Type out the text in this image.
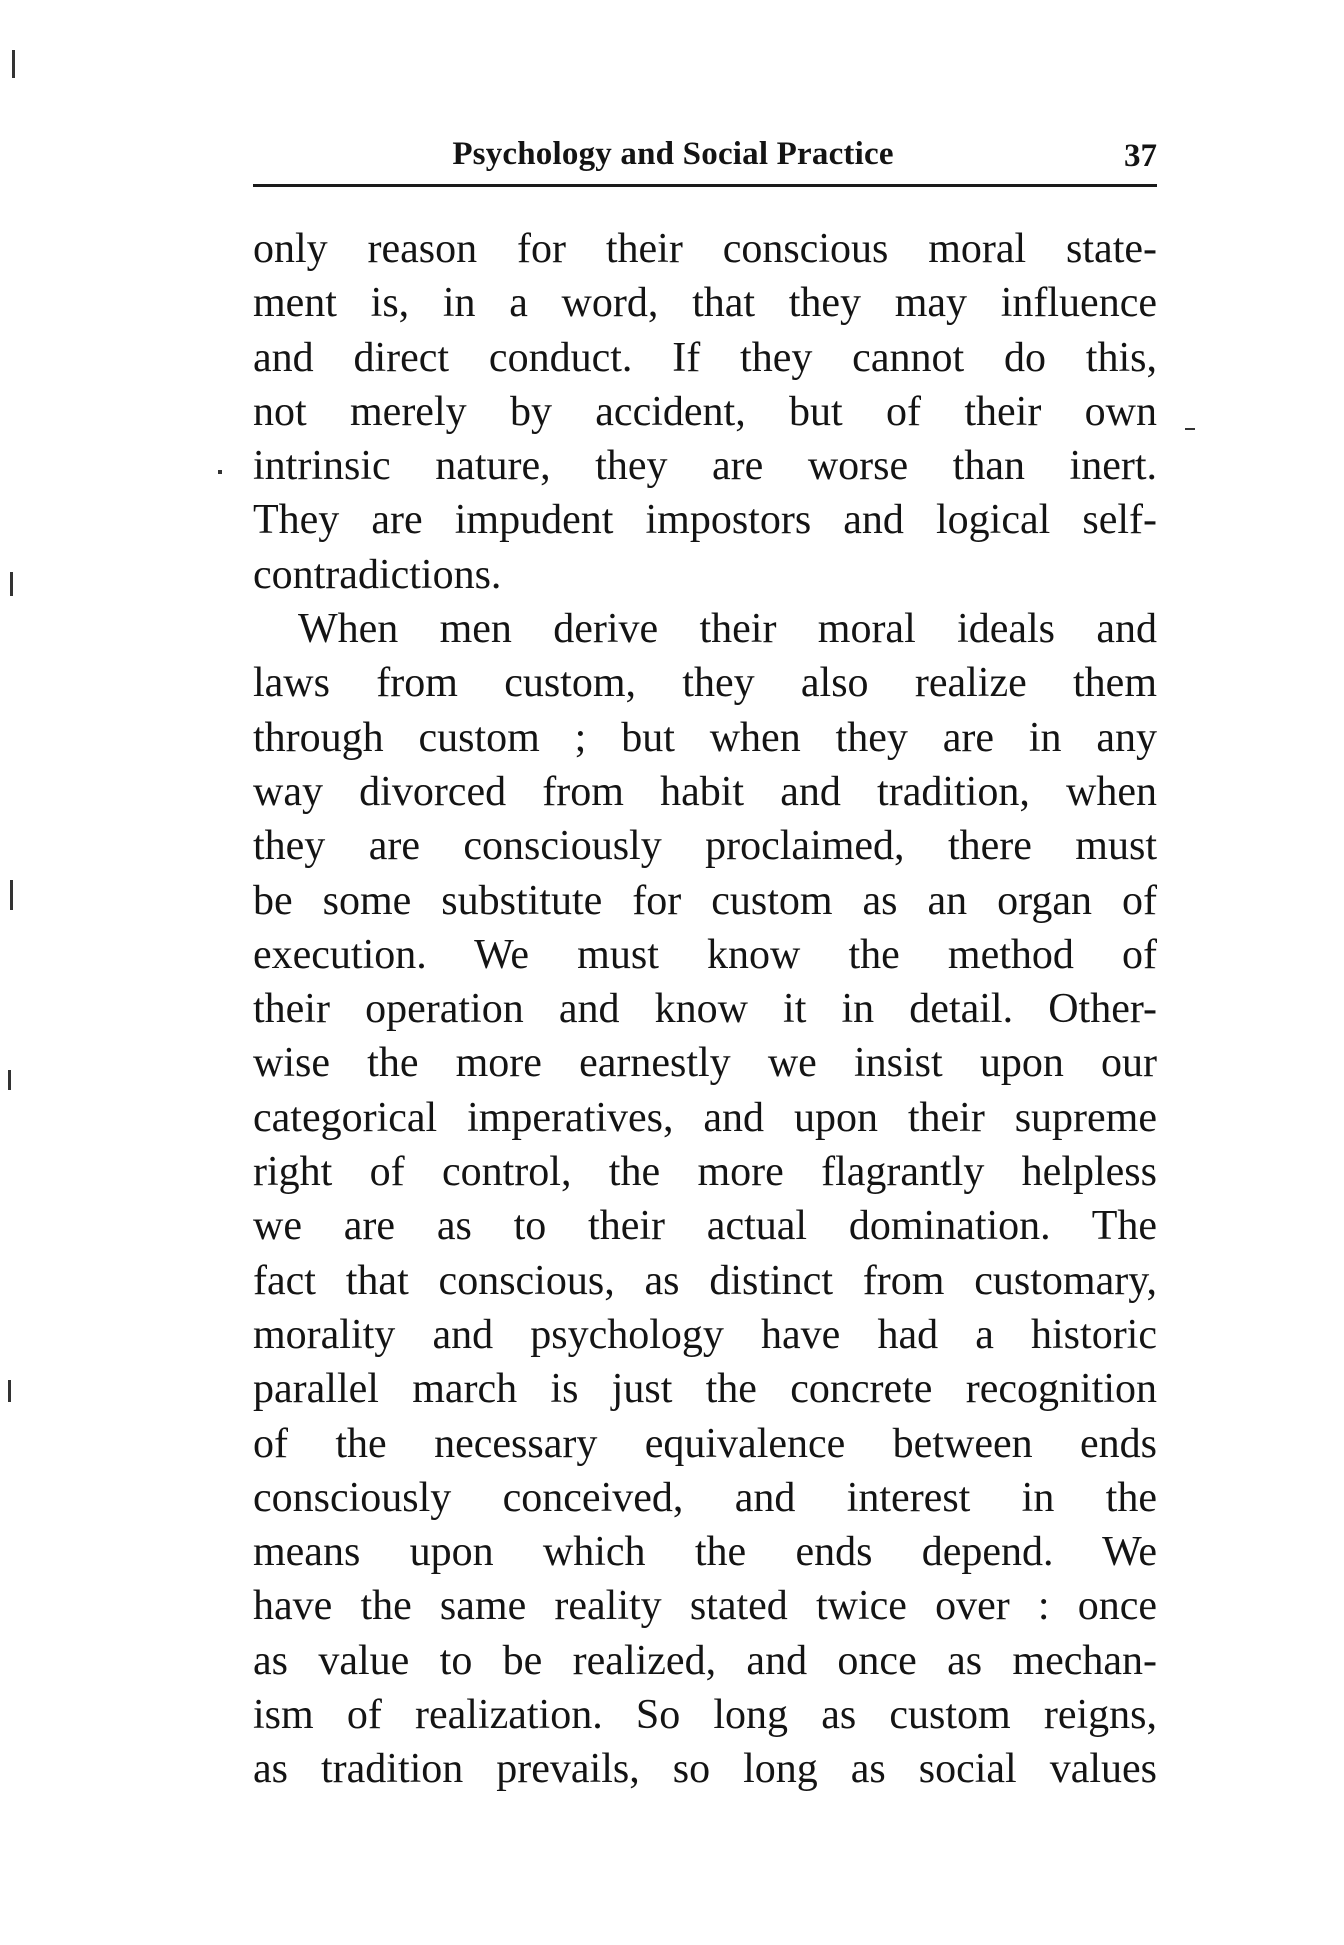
Psychology and Social Practice	37
only reason for their conscious moral state-
ment is, in a word, that they may influence
and direct conduct. If they cannot do this,
not merely by accident, but of their own
intrinsic nature, they are worse than inert.
They are impudent impostors and logical self-
contradictions.
When men derive their moral ideals and
laws from custom, they also realize them
through custom ; but when they are in any
way divorced from habit and tradition, when
they are consciously proclaimed, there must
be some substitute for custom as an organ of
execution. We must know the method of
their operation and know it in detail. Other-
wise the more earnestly we insist upon our
categorical imperatives, and upon their supreme
right of control, the more flagrantly helpless
we are as to their actual domination. The
fact that conscious, as distinct from customary,
morality and psychology have had a historic
parallel march is just the concrete recognition
of the necessary equivalence between ends
consciously conceived, and interest in the
means upon which the ends depend. We
have the same reality stated twice over : once
as value to be realized, and once as mechan-
ism of realization. So long as custom reigns,
as tradition prevails, so long as social values
